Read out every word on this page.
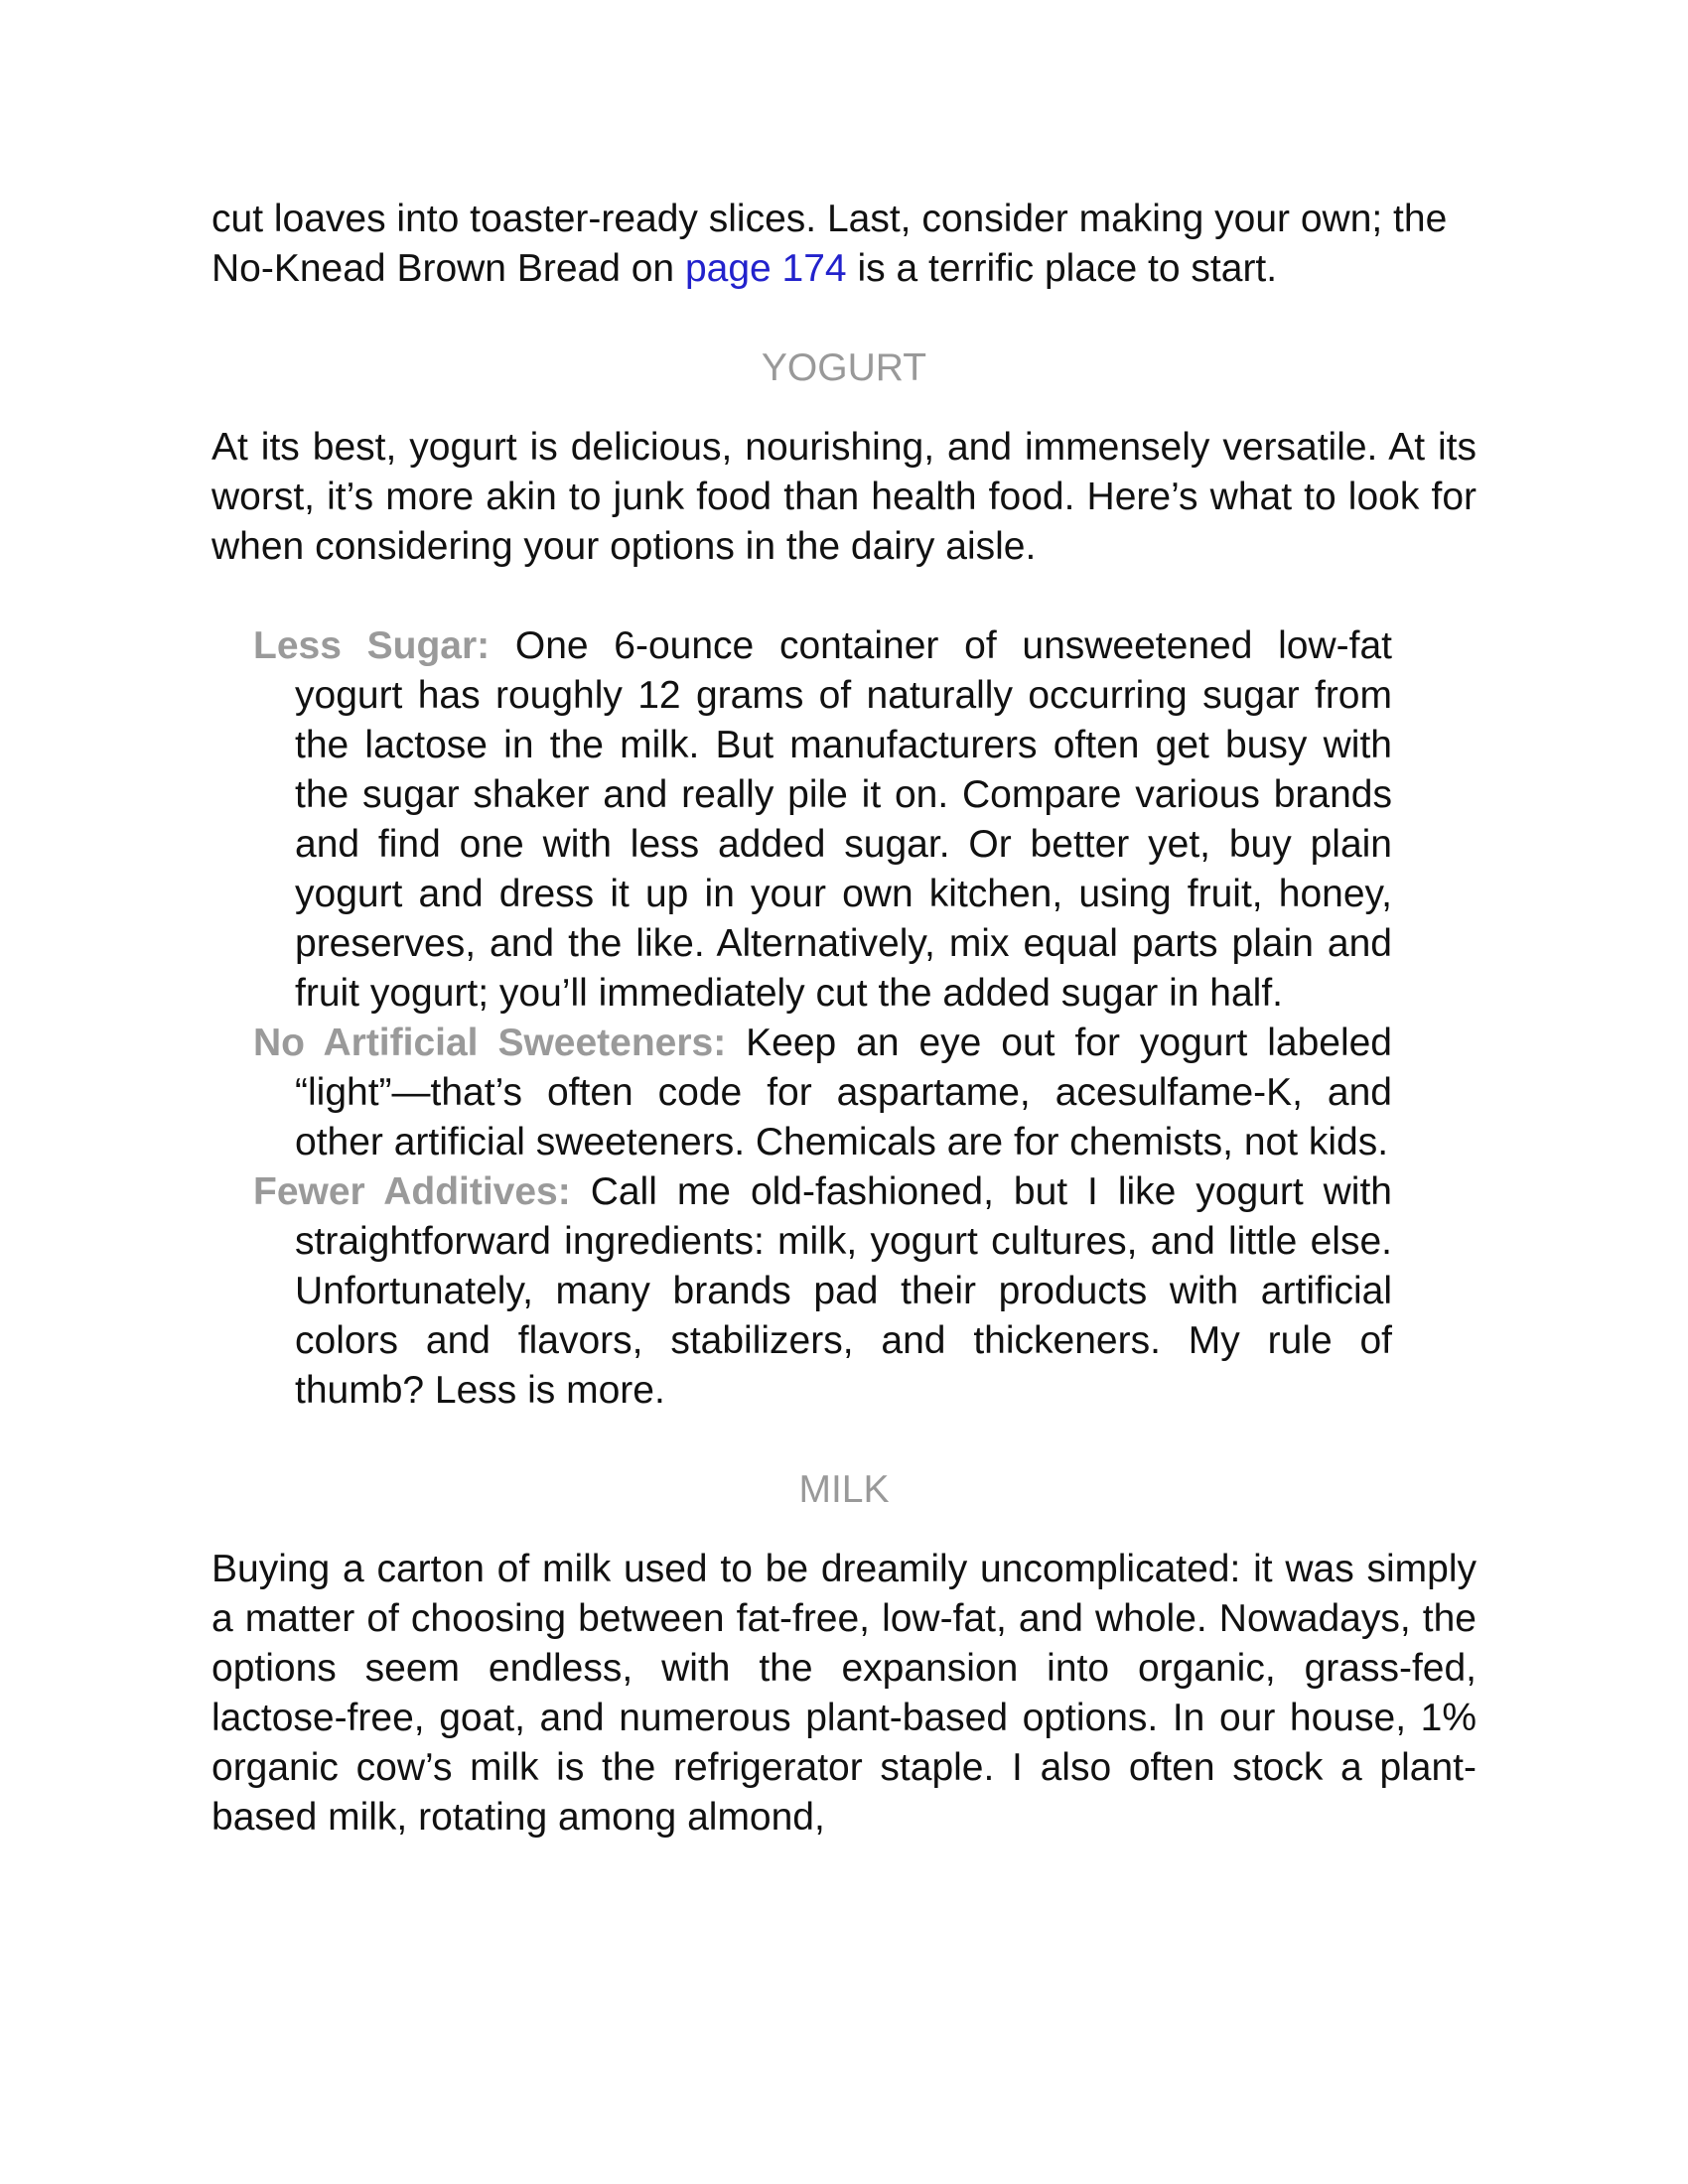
cut loaves into toaster-ready slices. Last, consider making your own; the No-Knead Brown Bread on page 174 is a terrific place to start.

YOGURT

At its best, yogurt is delicious, nourishing, and immensely versatile. At its worst, it’s more akin to junk food than health food. Here’s what to look for when considering your options in the dairy aisle.

Less Sugar: One 6-ounce container of unsweetened low-fat yogurt has roughly 12 grams of naturally occurring sugar from the lactose in the milk. But manufacturers often get busy with the sugar shaker and really pile it on. Compare various brands and find one with less added sugar. Or better yet, buy plain yogurt and dress it up in your own kitchen, using fruit, honey, preserves, and the like. Alternatively, mix equal parts plain and fruit yogurt; you’ll immediately cut the added sugar in half.

No Artificial Sweeteners: Keep an eye out for yogurt labeled “light”—that’s often code for aspartame, acesulfame-K, and other artificial sweeteners. Chemicals are for chemists, not kids.

Fewer Additives: Call me old-fashioned, but I like yogurt with straightforward ingredients: milk, yogurt cultures, and little else. Unfortunately, many brands pad their products with artificial colors and flavors, stabilizers, and thickeners. My rule of thumb? Less is more.

MILK

Buying a carton of milk used to be dreamily uncomplicated: it was simply a matter of choosing between fat-free, low-fat, and whole. Nowadays, the options seem endless, with the expansion into organic, grass-fed, lactose-free, goat, and numerous plant-based options. In our house, 1% organic cow’s milk is the refrigerator staple. I also often stock a plant-based milk, rotating among almond,
